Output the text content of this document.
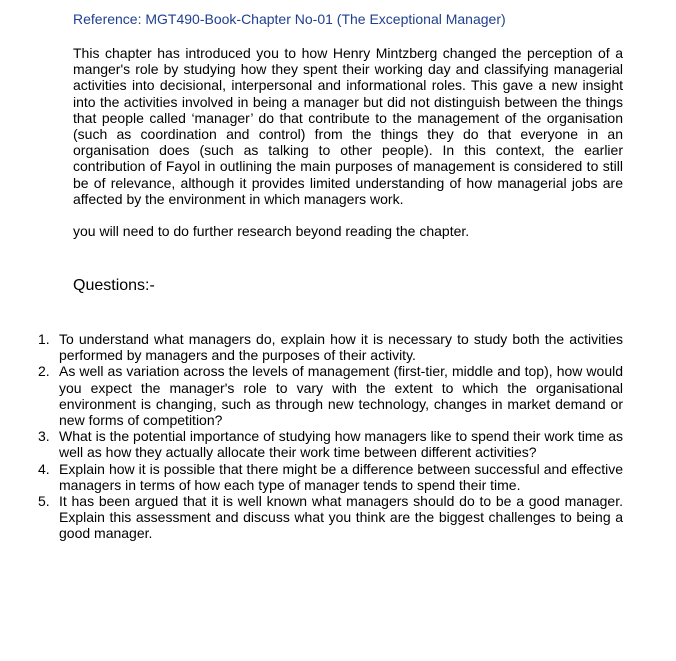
Reference: MGT490-Book-Chapter No-01 (The Exceptional Manager)

This chapter has introduced you to how Henry Mintzberg changed the perception of a manger's role by studying how they spent their working day and classifying managerial activities into decisional, interpersonal and informational roles. This gave a new insight into the activities involved in being a manager but did not distinguish between the things that people called ‘manager’ do that contribute to the management of the organisation (such as coordination and control) from the things they do that everyone in an organisation does (such as talking to other people). In this context, the earlier contribution of Fayol in outlining the main purposes of management is considered to still be of relevance, although it provides limited understanding of how managerial jobs are affected by the environment in which managers work.

you will need to do further research beyond reading the chapter.

Questions:-

1. To understand what managers do, explain how it is necessary to study both the activities performed by managers and the purposes of their activity.
2. As well as variation across the levels of management (first-tier, middle and top), how would you expect the manager's role to vary with the extent to which the organisational environment is changing, such as through new technology, changes in market demand or new forms of competition?
3. What is the potential importance of studying how managers like to spend their work time as well as how they actually allocate their work time between different activities?
4. Explain how it is possible that there might be a difference between successful and effective managers in terms of how each type of manager tends to spend their time.
5. It has been argued that it is well known what managers should do to be a good manager. Explain this assessment and discuss what you think are the biggest challenges to being a good manager.
